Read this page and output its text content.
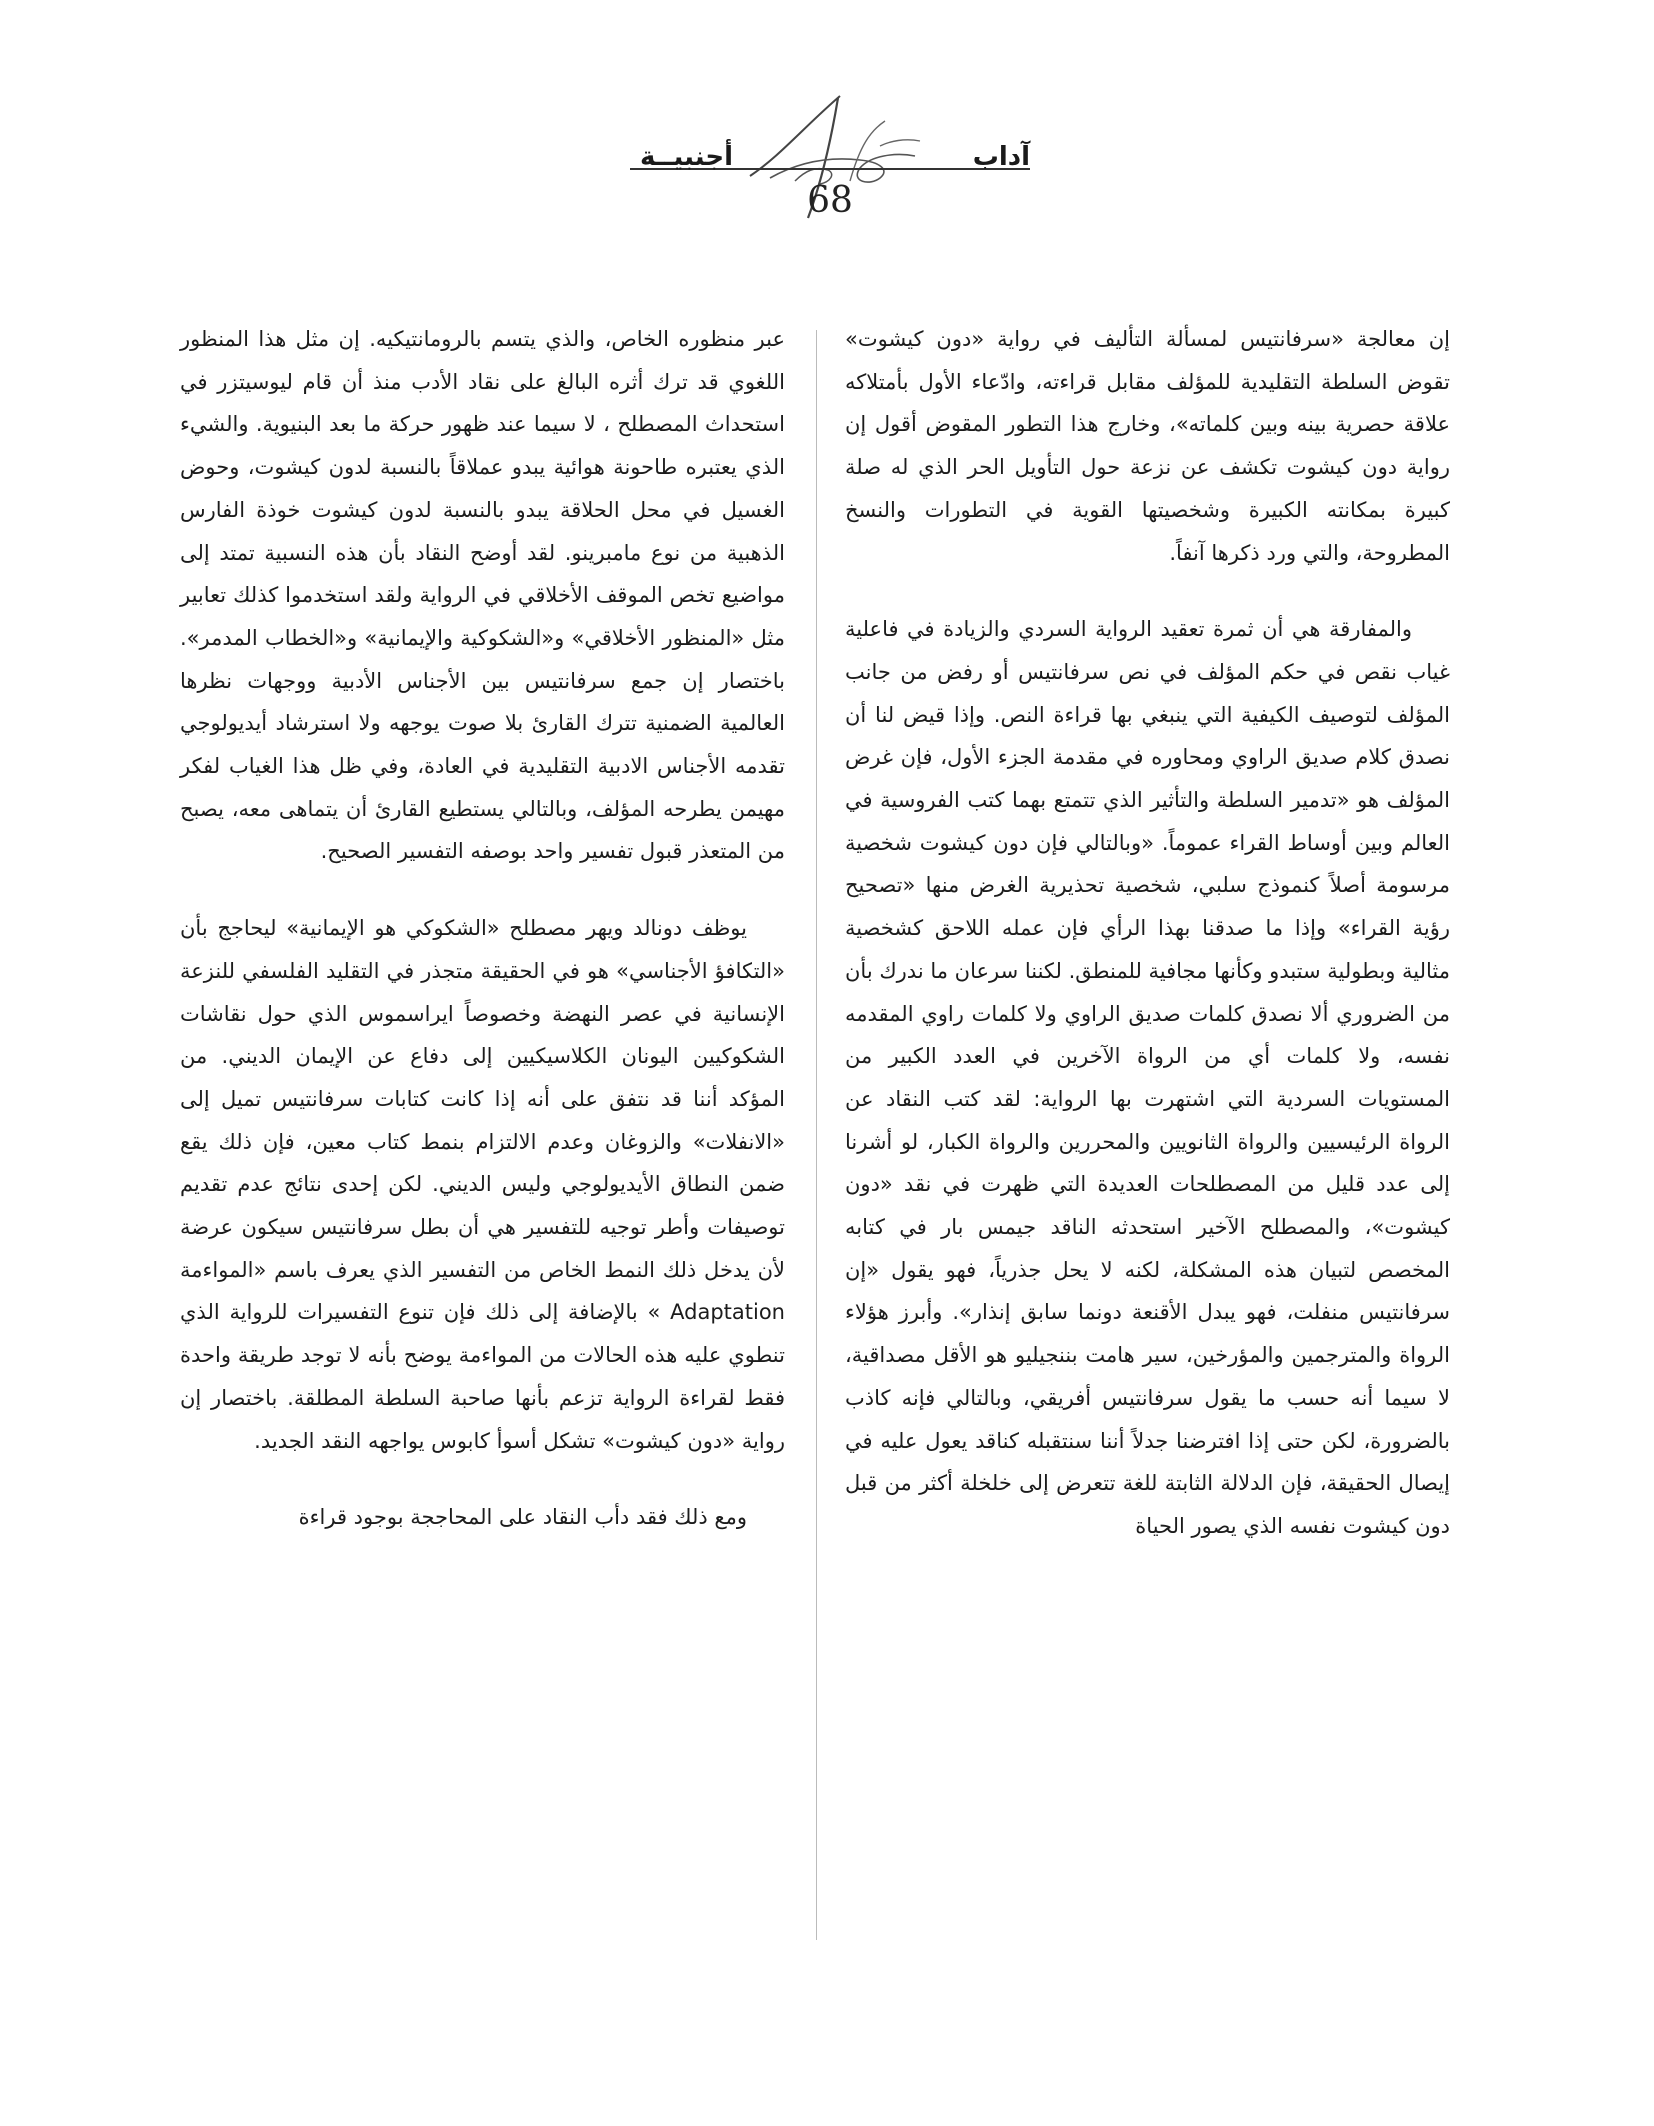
آداب
أجنبيــة
68

إن معالجة «سرفانتيس لمسألة التأليف في رواية «دون كيشوت» تقوض السلطة التقليدية للمؤلف مقابل قراءته، وادّعاء الأول بأمتلاكه علاقة حصرية بينه وبين كلماته»، وخارج هذا التطور المقوض أقول إن رواية دون كيشوت تكشف عن نزعة حول التأويل الحر الذي له صلة كبيرة بمكانته الكبيرة وشخصيتها القوية في التطورات والنسخ المطروحة، والتي ورد ذكرها آنفاً.

والمفارقة هي أن ثمرة تعقيد الرواية السردي والزيادة في فاعلية غياب نقص في حكم المؤلف في نص سرفانتيس أو رفض من جانب المؤلف لتوصيف الكيفية التي ينبغي بها قراءة النص. وإذا قيض لنا أن نصدق كلام صديق الراوي ومحاوره في مقدمة الجزء الأول، فإن غرض المؤلف هو «تدمير السلطة والتأثير الذي تتمتع بهما كتب الفروسية في العالم وبين أوساط القراء عموماً. «وبالتالي فإن دون كيشوت شخصية مرسومة أصلاً كنموذج سلبي، شخصية تحذيرية الغرض منها «تصحيح رؤية القراء» وإذا ما صدقنا بهذا الرأي فإن عمله اللاحق كشخصية مثالية وبطولية ستبدو وكأنها مجافية للمنطق. لكننا سرعان ما ندرك بأن من الضروري ألا نصدق كلمات صديق الراوي ولا كلمات راوي المقدمه نفسه، ولا كلمات أي من الرواة الآخرين في العدد الكبير من المستويات السردية التي اشتهرت بها الرواية: لقد كتب النقاد عن الرواة الرئيسيين والرواة الثانويين والمحررين والرواة الكبار، لو أشرنا إلى عدد قليل من المصطلحات العديدة التي ظهرت في نقد «دون كيشوت»، والمصطلح الآخير استحدثه الناقد جيمس بار في كتابه المخصص لتبيان هذه المشكلة، لكنه لا يحل جذرياً، فهو يقول «إن سرفانتيس منفلت، فهو يبدل الأقنعة دونما سابق إنذار». وأبرز هؤلاء الرواة والمترجمين والمؤرخين، سير هامت بننجيليو هو الأقل مصداقية، لا سيما أنه حسب ما يقول سرفانتيس أفريقي، وبالتالي فإنه كاذب بالضرورة، لكن حتى إذا افترضنا جدلاً أننا سنتقبله كناقد يعول عليه في إيصال الحقيقة، فإن الدلالة الثابتة للغة تتعرض إلى خلخلة أكثر من قبل دون كيشوت نفسه الذي يصور الحياة

عبر منظوره الخاص، والذي يتسم بالرومانتيكيه. إن مثل هذا المنظور اللغوي قد ترك أثره البالغ على نقاد الأدب منذ أن قام ليوسيتزر في استحداث المصطلح ، لا سيما عند ظهور حركة ما بعد البنيوية. والشيء الذي يعتبره طاحونة هوائية يبدو عملاقاً بالنسبة لدون كيشوت، وحوض الغسيل في محل الحلاقة يبدو بالنسبة لدون كيشوت خوذة الفارس الذهبية من نوع مامبرينو. لقد أوضح النقاد بأن هذه النسبية تمتد إلى مواضيع تخص الموقف الأخلاقي في الرواية ولقد استخدموا كذلك تعابير مثل «المنظور الأخلاقي» و«الشكوكية والإيمانية» و«الخطاب المدمر». باختصار إن جمع سرفانتيس بين الأجناس الأدبية ووجهات نظرها العالمية الضمنية تترك القارئ بلا صوت يوجهه ولا استرشاد أيديولوجي تقدمه الأجناس الادبية التقليدية في العادة، وفي ظل هذا الغياب لفكر مهيمن يطرحه المؤلف، وبالتالي يستطيع القارئ أن يتماهى معه، يصبح من المتعذر قبول تفسير واحد بوصفه التفسير الصحيح.

يوظف دونالد ويهر مصطلح «الشكوكي هو الإيمانية» ليحاجج بأن «التكافؤ الأجناسي» هو في الحقيقة متجذر في التقليد الفلسفي للنزعة الإنسانية في عصر النهضة وخصوصاً ايراسموس الذي حول نقاشات الشكوكيين اليونان الكلاسيكيين إلى دفاع عن الإيمان الديني. من المؤكد أننا قد نتفق على أنه إذا كانت كتابات سرفانتيس تميل إلى «الانفلات» والزوغان وعدم الالتزام بنمط كتاب معين، فإن ذلك يقع ضمن النطاق الأيديولوجي وليس الديني. لكن إحدى نتائج عدم تقديم توصيفات وأطر توجيه للتفسير هي أن بطل سرفانتيس سيكون عرضة لأن يدخل ذلك النمط الخاص من التفسير الذي يعرف باسم «المواءمة Adaptation » بالإضافة إلى ذلك فإن تنوع التفسيرات للرواية الذي تنطوي عليه هذه الحالات من المواءمة يوضح بأنه لا توجد طريقة واحدة فقط لقراءة الرواية تزعم بأنها صاحبة السلطة المطلقة. باختصار إن رواية «دون كيشوت» تشكل أسوأ كابوس يواجهه النقد الجديد.

ومع ذلك فقد دأب النقاد على المحاججة بوجود قراءة
